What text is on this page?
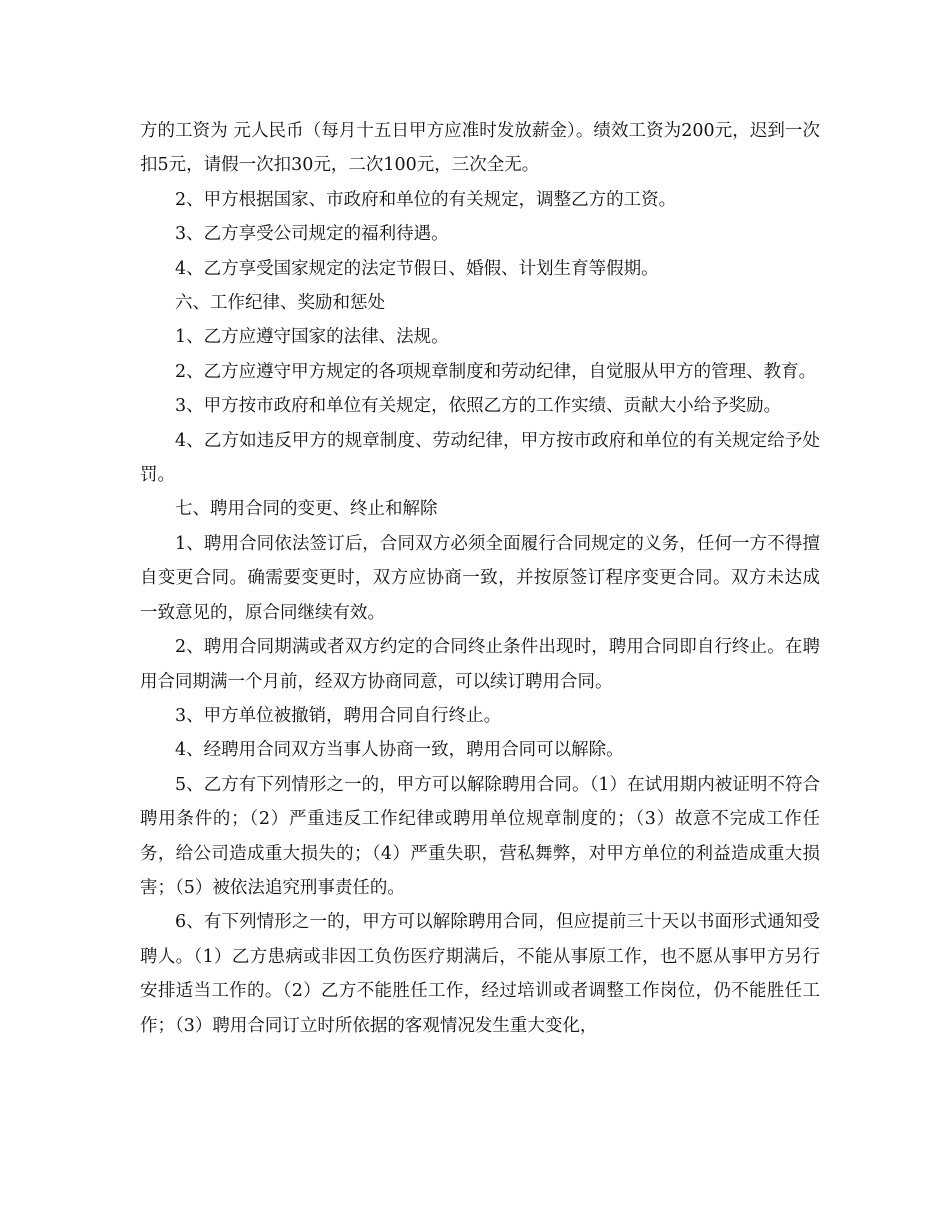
方的工资为 元人民币（每月十五日甲方应准时发放薪金）。绩效工资为200元，迟到一次扣5元，请假一次扣30元，二次100元，三次全无。

2、甲方根据国家、市政府和单位的有关规定，调整乙方的工资。

3、乙方享受公司规定的福利待遇。

4、乙方享受国家规定的法定节假日、婚假、计划生育等假期。

六、工作纪律、奖励和惩处

1、乙方应遵守国家的法律、法规。

2、乙方应遵守甲方规定的各项规章制度和劳动纪律，自觉服从甲方的管理、教育。

3、甲方按市政府和单位有关规定，依照乙方的工作实绩、贡献大小给予奖励。

4、乙方如违反甲方的规章制度、劳动纪律，甲方按市政府和单位的有关规定给予处罚。

七、聘用合同的变更、终止和解除

1、聘用合同依法签订后，合同双方必须全面履行合同规定的义务，任何一方不得擅自变更合同。确需要变更时，双方应协商一致，并按原签订程序变更合同。双方未达成一致意见的，原合同继续有效。

2、聘用合同期满或者双方约定的合同终止条件出现时，聘用合同即自行终止。在聘用合同期满一个月前，经双方协商同意，可以续订聘用合同。

3、甲方单位被撤销，聘用合同自行终止。

4、经聘用合同双方当事人协商一致，聘用合同可以解除。

5、乙方有下列情形之一的，甲方可以解除聘用合同。（1）在试用期内被证明不符合聘用条件的；（2）严重违反工作纪律或聘用单位规章制度的；（3）故意不完成工作任务，给公司造成重大损失的；（4）严重失职，营私舞弊，对甲方单位的利益造成重大损害；（5）被依法追究刑事责任的。

6、有下列情形之一的，甲方可以解除聘用合同，但应提前三十天以书面形式通知受聘人。（1）乙方患病或非因工负伤医疗期满后，不能从事原工作，也不愿从事甲方另行安排适当工作的。（2）乙方不能胜任工作，经过培训或者调整工作岗位，仍不能胜任工作；（3）聘用合同订立时所依据的客观情况发生重大变化，
